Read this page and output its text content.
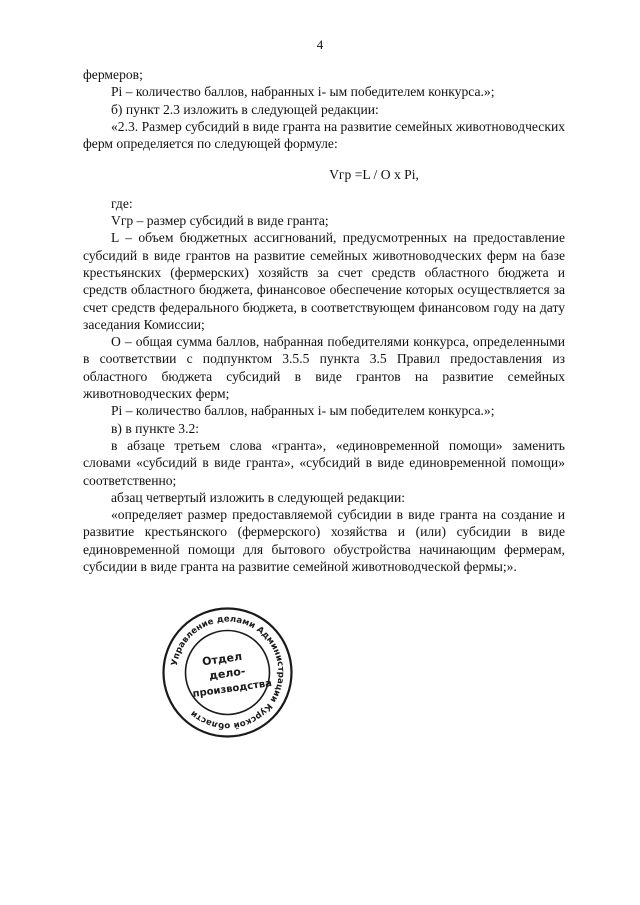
4

фермеров;

Pi – количество баллов, набранных i- ым победителем конкурса.»;

б) пункт 2.3 изложить в следующей редакции:

«2.3. Размер субсидий в виде гранта на развитие семейных животноводческих ферм определяется по следующей формуле:

Vгр =L / O x Pi,

где:

Vгр – размер субсидий в виде гранта;

L – объем бюджетных ассигнований, предусмотренных на предоставление субсидий в виде грантов на развитие семейных животноводческих ферм на базе крестьянских (фермерских) хозяйств за счет средств областного бюджета и средств областного бюджета, финансовое обеспечение которых осуществляется за счет средств федерального бюджета, в соответствующем финансовом году на дату заседания Комиссии;

O – общая сумма баллов, набранная победителями конкурса, определенными в соответствии с подпунктом 3.5.5 пункта 3.5 Правил предоставления из областного бюджета субсидий в виде грантов на развитие семейных животноводческих ферм;

Pi – количество баллов, набранных i- ым победителем конкурса.»;

в) в пункте 3.2:

в абзаце третьем слова «гранта», «единовременной помощи» заменить словами «субсидий в виде гранта», «субсидий в виде единовременной помощи» соответственно;

абзац четвертый изложить в следующей редакции:

«определяет размер предоставляемой субсидии в виде гранта на создание и развитие крестьянского (фермерского) хозяйства и (или) субсидии в виде единовременной помощи для бытового обустройства начинающим фермерам, субсидии в виде гранта на развитие семейной животноводческой фермы;».

Управление делами Администрации Курской области
Отдел
дело-
производства
